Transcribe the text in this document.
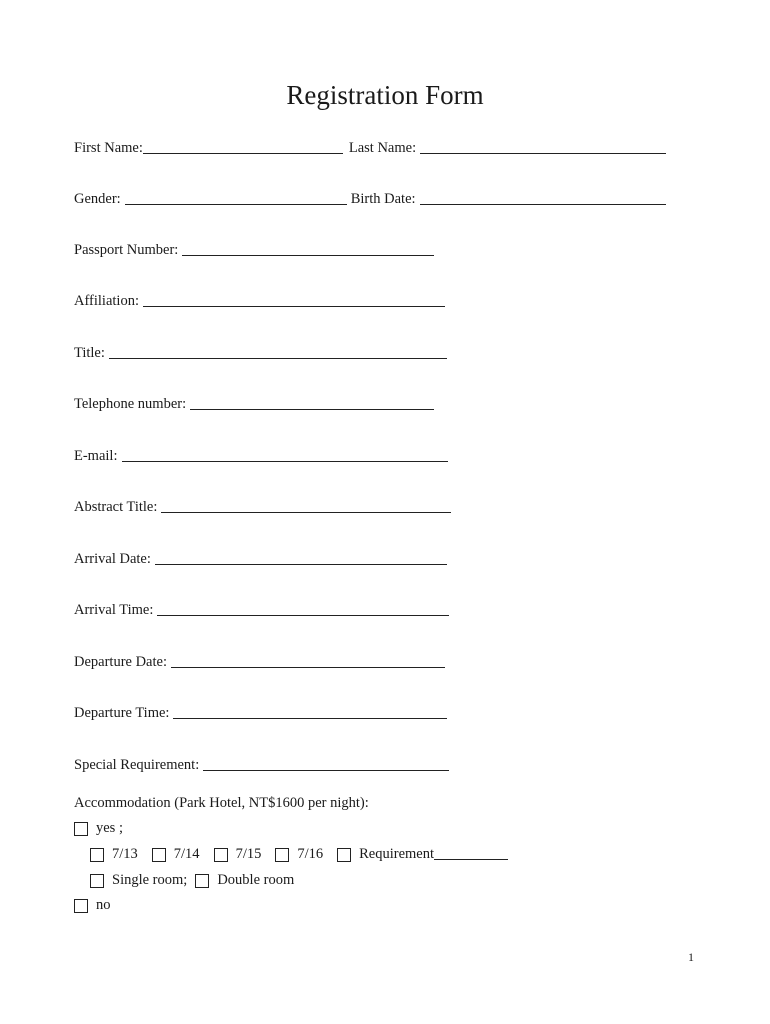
Registration Form
First Name:	Last Name:
Gender:	Birth Date:
Passport Number:
Affiliation:
Title:
Telephone number:
E-mail:
Abstract Title:
Arrival Date:
Arrival Time:
Departure Date:
Departure Time:
Special Requirement:
Accommodation (Park Hotel, NT$1600 per night):
yes ;
7/13 7/14 7/15 7/16 Requirement
Single room; Double room
no
1
